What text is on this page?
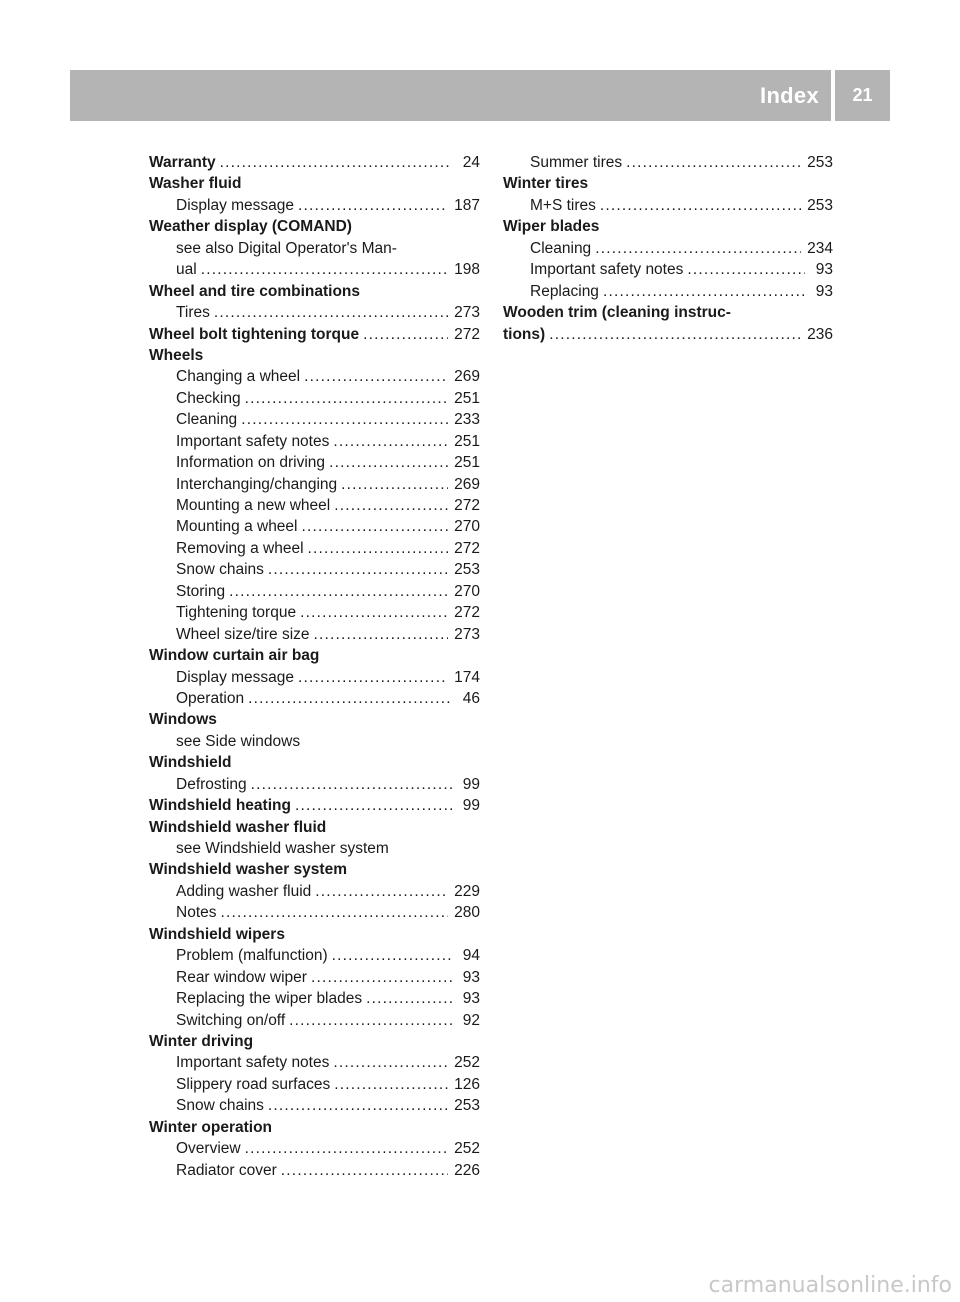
Index	21
Warranty .....	24
Washer fluid
Display message .....	187
Weather display (COMAND)
see also Digital Operator's Man-
ual .....	198
Wheel and tire combinations
Tires .....	273
Wheel bolt tightening torque .....	272
Wheels
Changing a wheel .....	269
Checking .....	251
Cleaning .....	233
Important safety notes .....	251
Information on driving .....	251
Interchanging/changing .....	269
Mounting a new wheel .....	272
Mounting a wheel .....	270
Removing a wheel .....	272
Snow chains .....	253
Storing .....	270
Tightening torque .....	272
Wheel size/tire size .....	273
Window curtain air bag
Display message .....	174
Operation .....	46
Windows
see Side windows
Windshield
Defrosting .....	99
Windshield heating .....	99
Windshield washer fluid
see Windshield washer system
Windshield washer system
Adding washer fluid .....	229
Notes .....	280
Windshield wipers
Problem (malfunction) .....	94
Rear window wiper .....	93
Replacing the wiper blades .....	93
Switching on/off .....	92
Winter driving
Important safety notes .....	252
Slippery road surfaces .....	126
Snow chains .....	253
Winter operation
Overview .....	252
Radiator cover .....	226
Summer tires .....	253
Winter tires
M+S tires .....	253
Wiper blades
Cleaning .....	234
Important safety notes .....	93
Replacing .....	93
Wooden trim (cleaning instruc-
tions) .....	236
carmanualsonline.info
